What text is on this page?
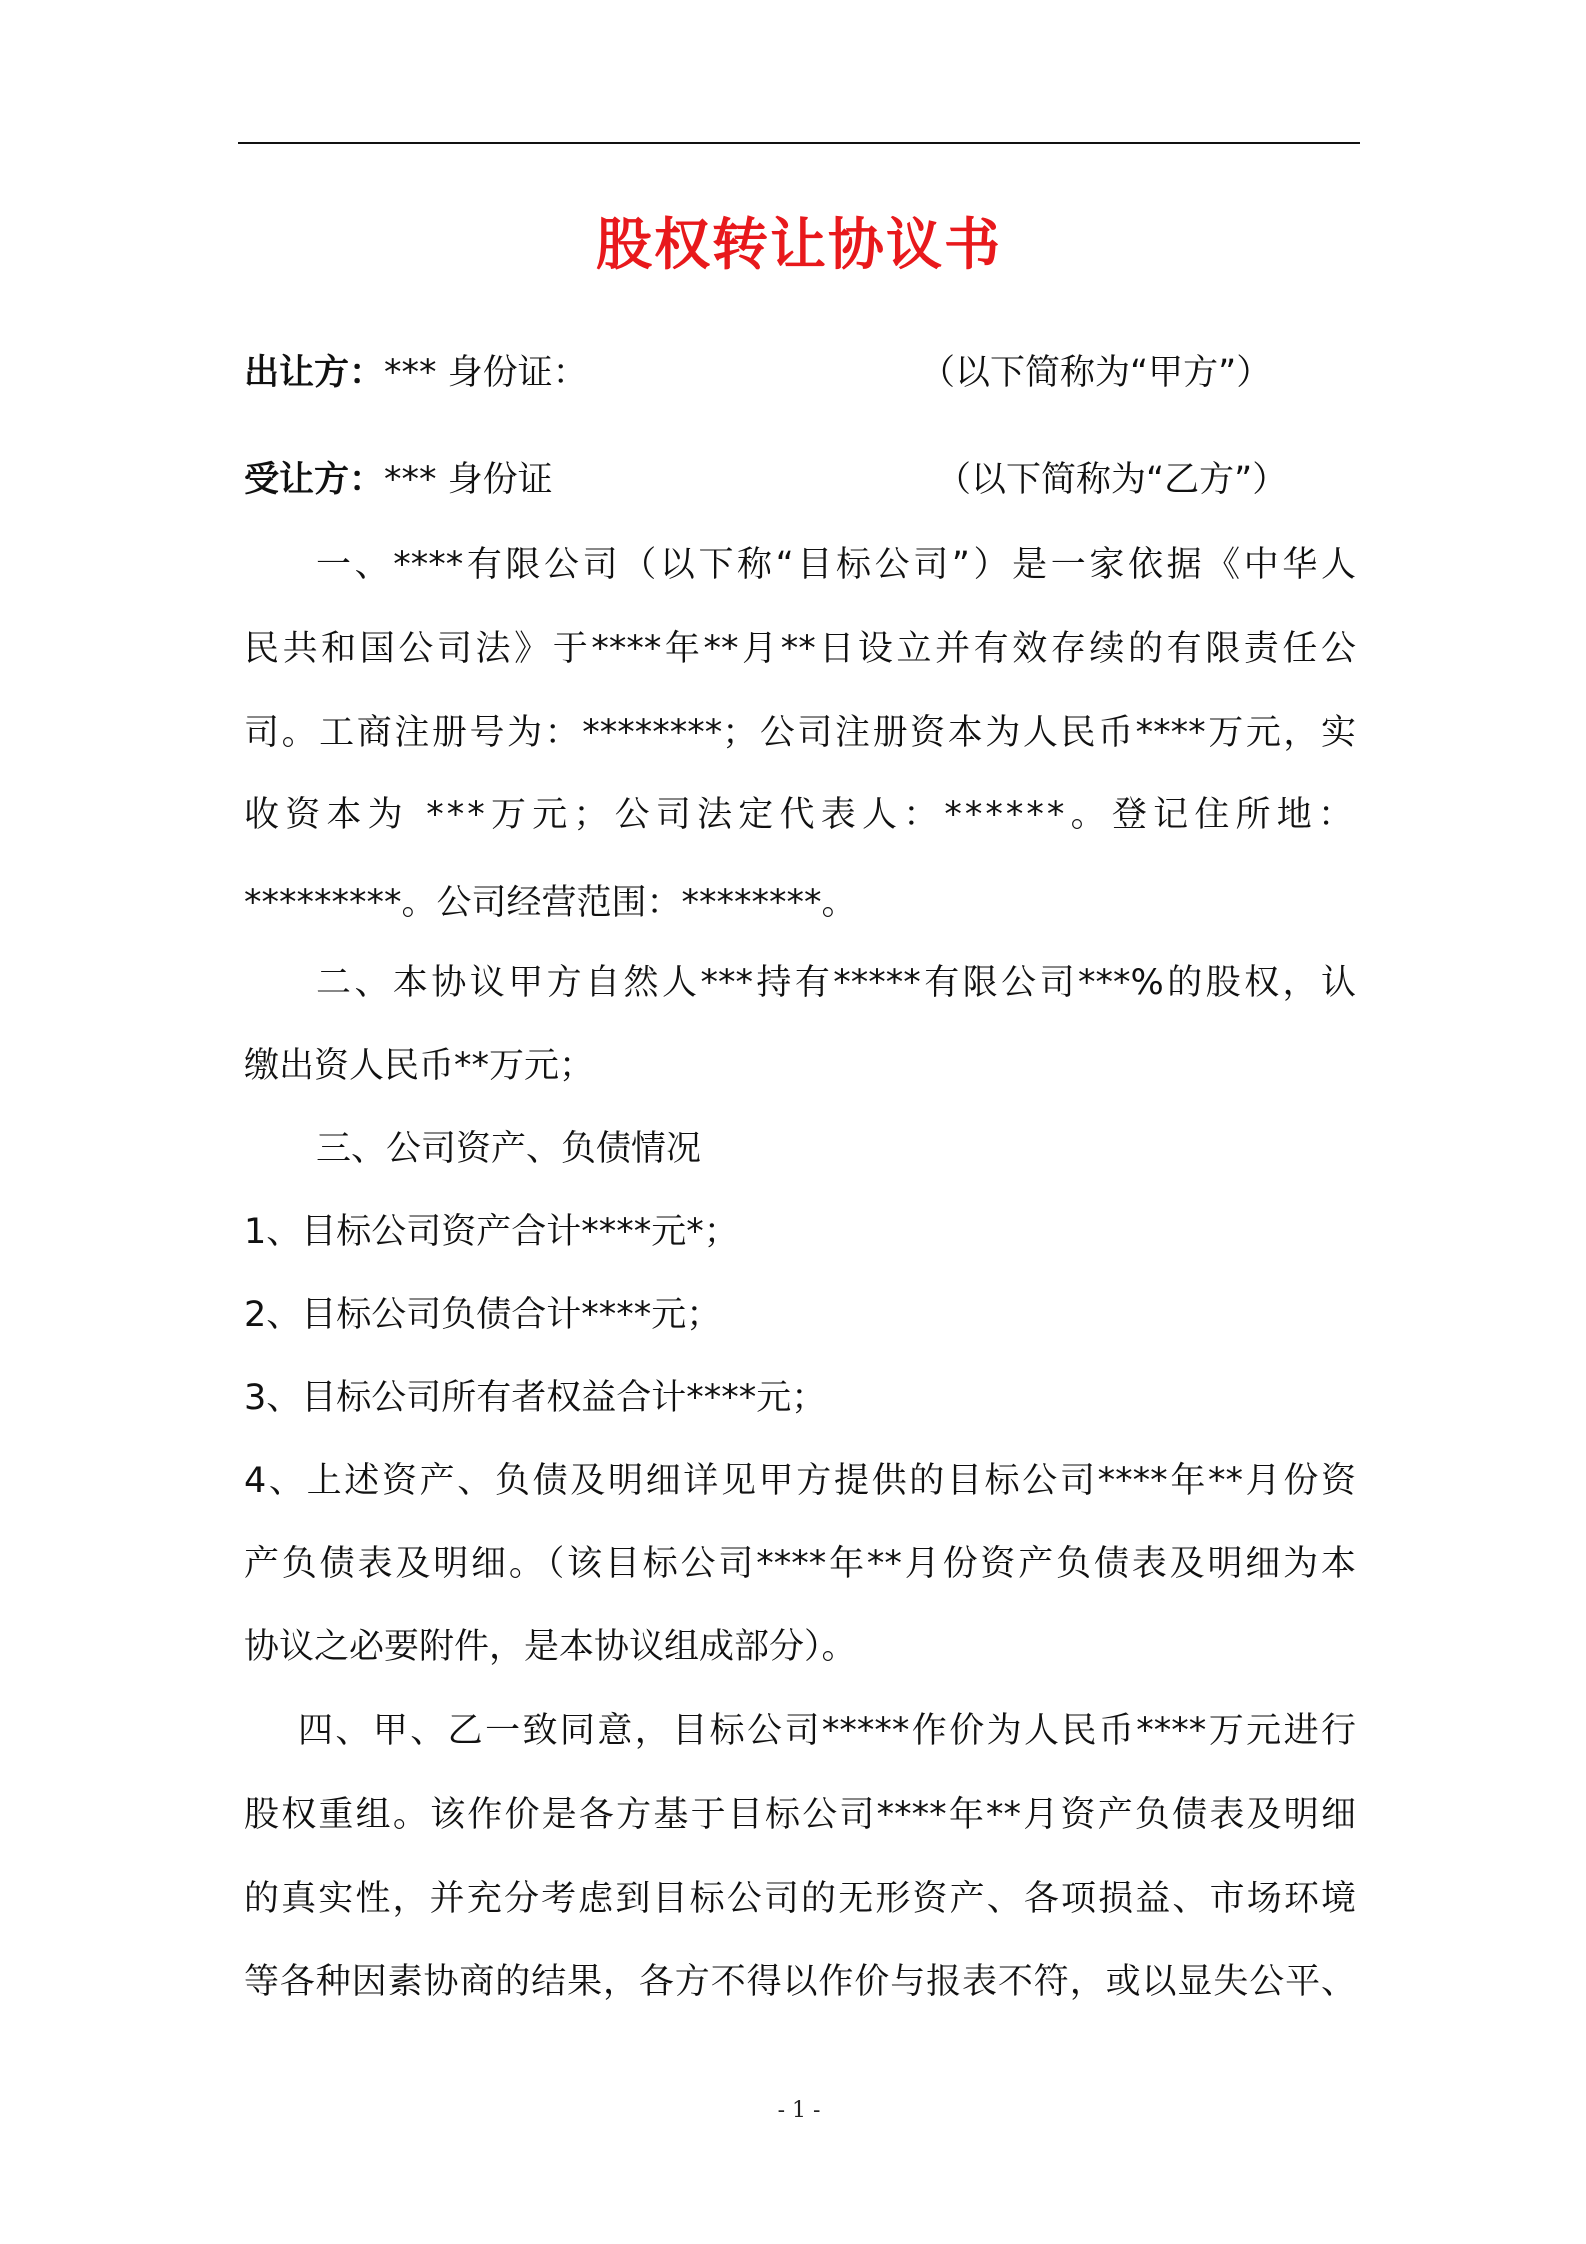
股权转让协议书
出让方：*** 身份证：	（以下简称为“甲方”）
受让方：*** 身份证	（以下简称为“乙方”）
一、****有限公司（以下称“目标公司”）是一家依据《中华人
民共和国公司法》于****年**月**日设立并有效存续的有限责任公
司。工商注册号为：********；公司注册资本为人民币****万元，实
收资本为 ***万元；公司法定代表人：******。登记住所地：
*********。公司经营范围：********。
二、本协议甲方自然人***持有*****有限公司***%的股权，认
缴出资人民币**万元；
三、公司资产、负债情况
1、目标公司资产合计****元*；
2、目标公司负债合计****元；
3、目标公司所有者权益合计****元；
4、上述资产、负债及明细详见甲方提供的目标公司****年**月份资
产负债表及明细。（该目标公司****年**月份资产负债表及明细为本
协议之必要附件，是本协议组成部分）。
四、甲、乙一致同意，目标公司*****作价为人民币****万元进行
股权重组。该作价是各方基于目标公司****年**月资产负债表及明细
的真实性，并充分考虑到目标公司的无形资产、各项损益、市场环境
等各种因素协商的结果，各方不得以作价与报表不符，或以显失公平、
- 1 -
